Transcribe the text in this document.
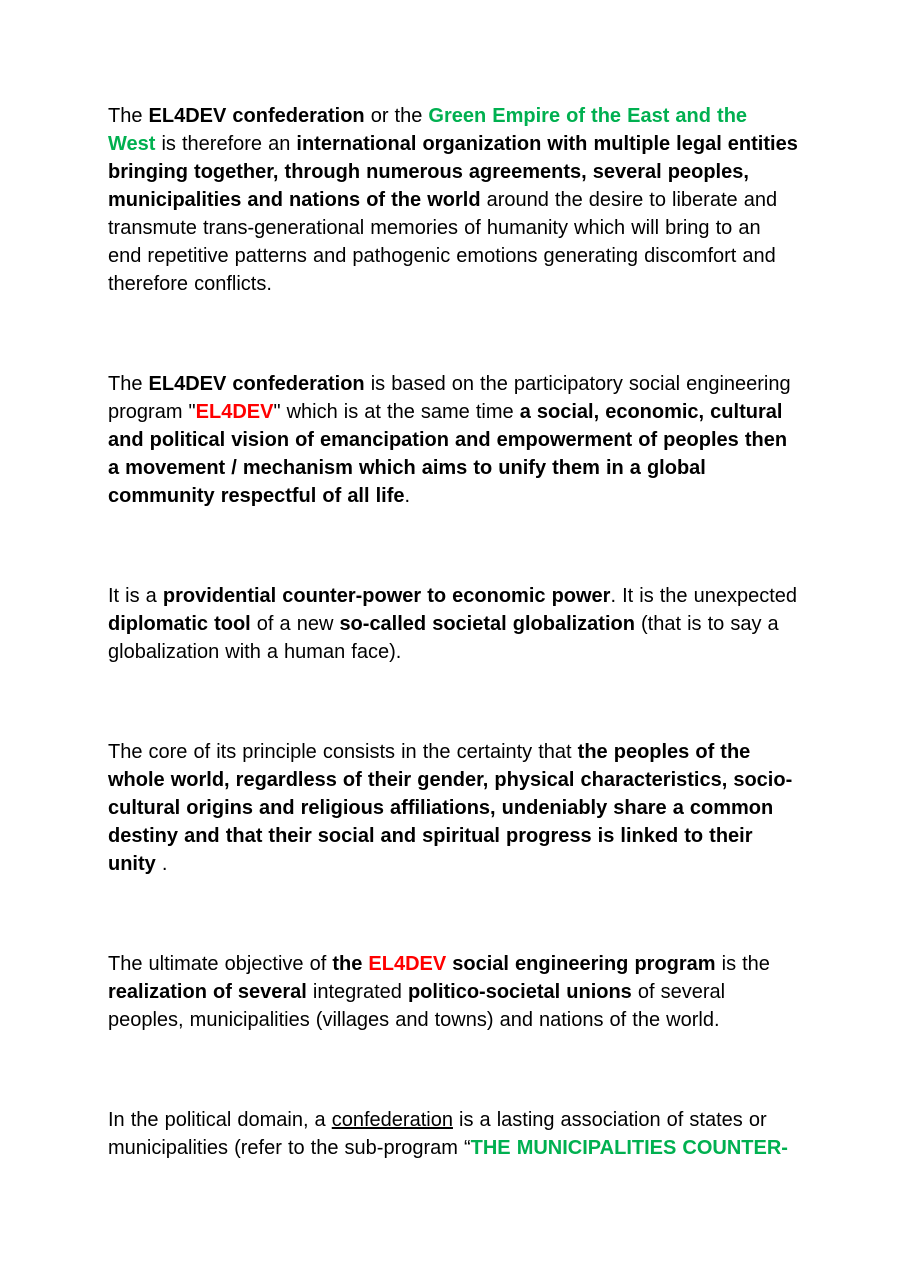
The EL4DEV confederation or the Green Empire of the East and the West is therefore an international organization with multiple legal entities bringing together, through numerous agreements, several peoples, municipalities and nations of the world around the desire to liberate and transmute trans-generational memories of humanity which will bring to an end repetitive patterns and pathogenic emotions generating discomfort and therefore conflicts.

The EL4DEV confederation is based on the participatory social engineering program "EL4DEV" which is at the same time a social, economic, cultural and political vision of emancipation and empowerment of peoples then a movement / mechanism which aims to unify them in a global community respectful of all life.

It is a providential counter-power to economic power. It is the unexpected diplomatic tool of a new so-called societal globalization (that is to say a globalization with a human face).

The core of its principle consists in the certainty that the peoples of the whole world, regardless of their gender, physical characteristics, socio-cultural origins and religious affiliations, undeniably share a common destiny and that their social and spiritual progress is linked to their unity .

The ultimate objective of the EL4DEV social engineering program is the realization of several integrated politico-societal unions of several peoples, municipalities (villages and towns) and nations of the world.

In the political domain, a confederation is a lasting association of states or municipalities (refer to the sub-program “THE MUNICIPALITIES COUNTER-
